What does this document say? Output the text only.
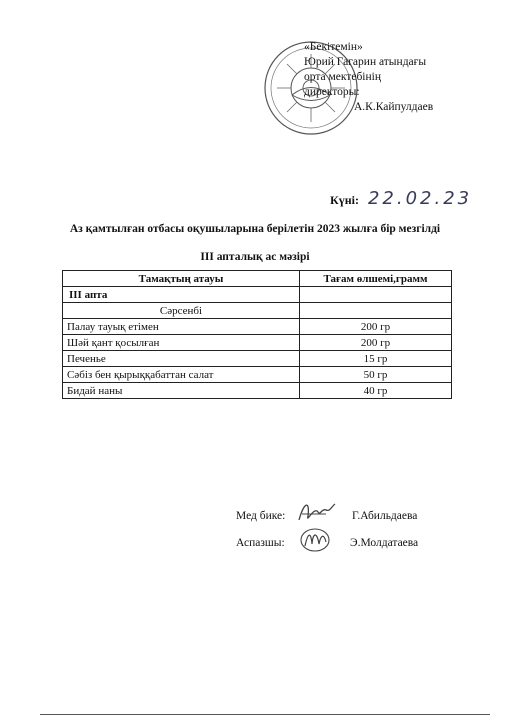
«Бекітемін»
Юрий Гагарин атындағы
орта мектебінің
директоры:
А.К.Кайпулдаев
Күні: 22.02.23
Аз қамтылған отбасы оқушыларына берілетін 2023 жылға бір мезгілді
III апталық ас мәзірі
Тамақтың атауы	Тағам өлшемі,грамм
III апта	
Сәрсенбі	
Палау тауық етімен	200 гр
Шәй қант қосылған	200 гр
Печенье	15 гр
Сәбіз бен қырыққабаттан салат	50 гр
Бидай наны	40 гр
Мед бике:	Г.Абильдаева
Аспазшы:	Э.Молдатаева
